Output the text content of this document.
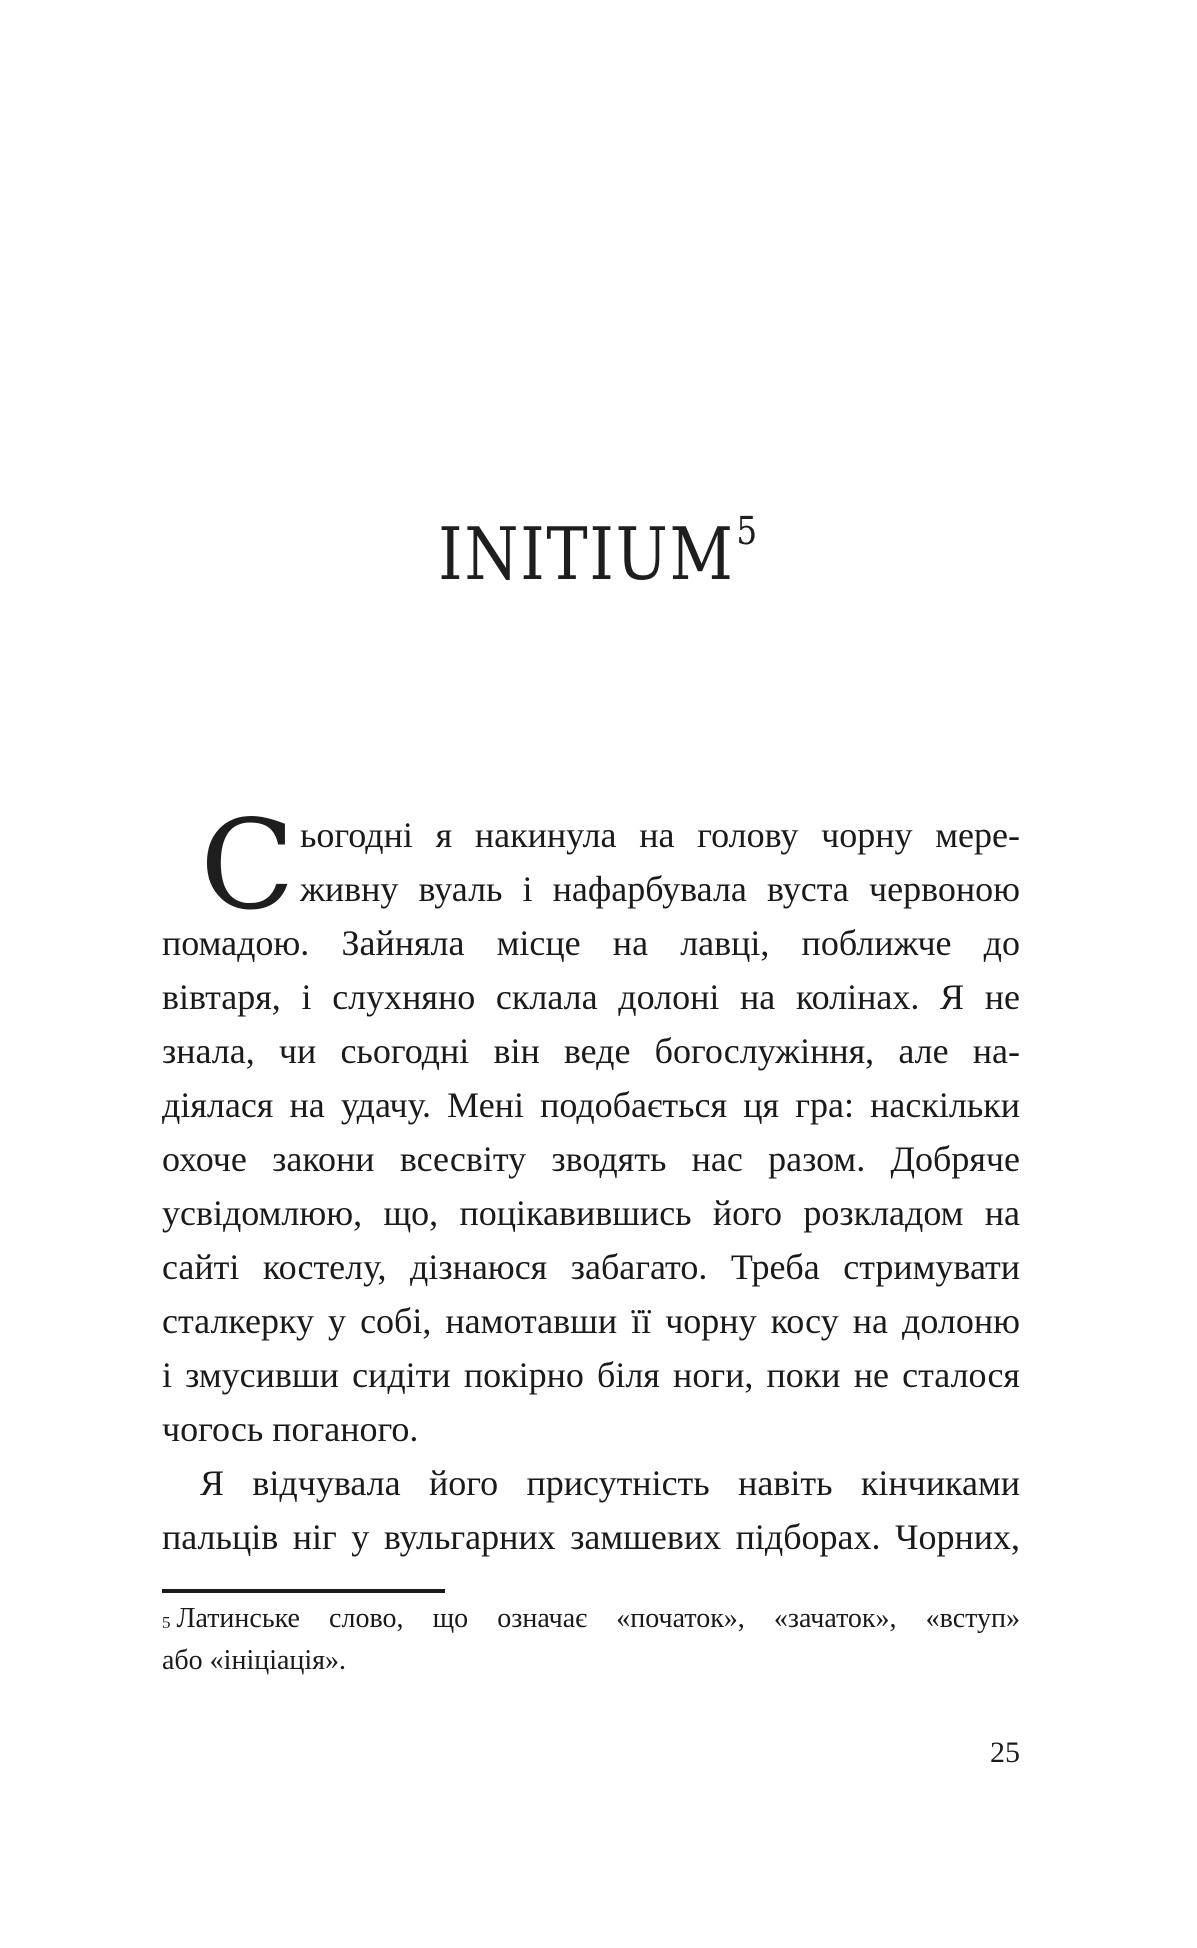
INITIUM$^5$
С ьогодні я накинула на голову чорну мере-
живну вуаль і нафарбувала вуста червоною
помадою. Зайняла місце на лавці, поближче до
вівтаря, і слухняно склала долоні на колінах. Я не
знала, чи сьогодні він веде богослужіння, але на-
діялася на удачу. Мені подобається ця гра: наскільки
охоче закони всесвіту зводять нас разом. Добряче
усвідомлюю, що, поцікавившись його розкладом на
сайті костелу, дізнаюся забагато. Треба стримувати
сталкерку у собі, намотавши її чорну косу на долоню
і змусивши сидіти покірно біля ноги, поки не сталося
чогось поганого.
Я відчувала його присутність навіть кінчиками
пальців ніг у вульгарних замшевих підборах. Чорних,
$^5$ Латинське слово, що означає «початок», «зачаток», «вступ»
або «ініціація».
25
